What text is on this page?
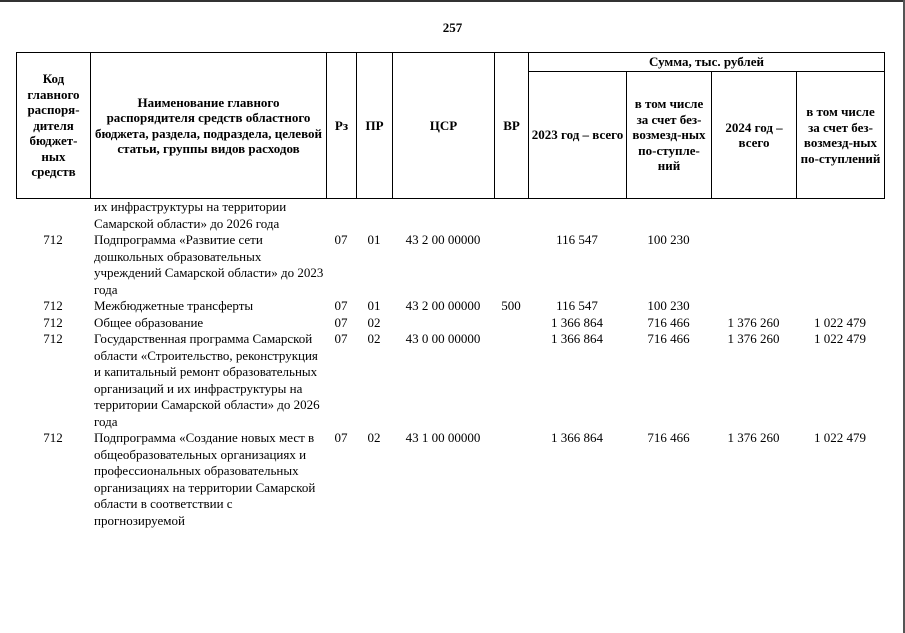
257
Код главного распоря-дителя бюджет-ных средств	Наименование главного распорядителя средств областного бюджета, раздела, подраздела, целевой статьи, группы видов расходов	Рз	ПР	ЦСР	ВР	Сумма, тыс. рублей			
						2023 год – всего	в том числе за счет без-возмезд-ных по-ступле-ний	2024 год – всего	в том числе за счет без-возмезд-ных по-ступлений
	их инфраструктуры на территории Самарской области» до 2026 года								
712	Подпрограмма «Развитие сети дошкольных образовательных учреждений Самарской области» до 2023 года	07	01	43 2 00 00000		116 547	100 230		
712	Межбюджетные трансферты	07	01	43 2 00 00000	500	116 547	100 230		
712	Общее образование	07	02			1 366 864	716 466	1 376 260	1 022 479
712	Государственная программа Самарской области «Строительство, реконструкция и капитальный ремонт образовательных организаций и их инфраструктуры на территории Самарской области» до 2026 года	07	02	43 0 00 00000		1 366 864	716 466	1 376 260	1 022 479
712	Подпрограмма «Создание новых мест в общеобразовательных организациях и профессиональных образовательных организациях на территории Самарской области в соответствии с прогнозируемой	07	02	43 1 00 00000		1 366 864	716 466	1 376 260	1 022 479
